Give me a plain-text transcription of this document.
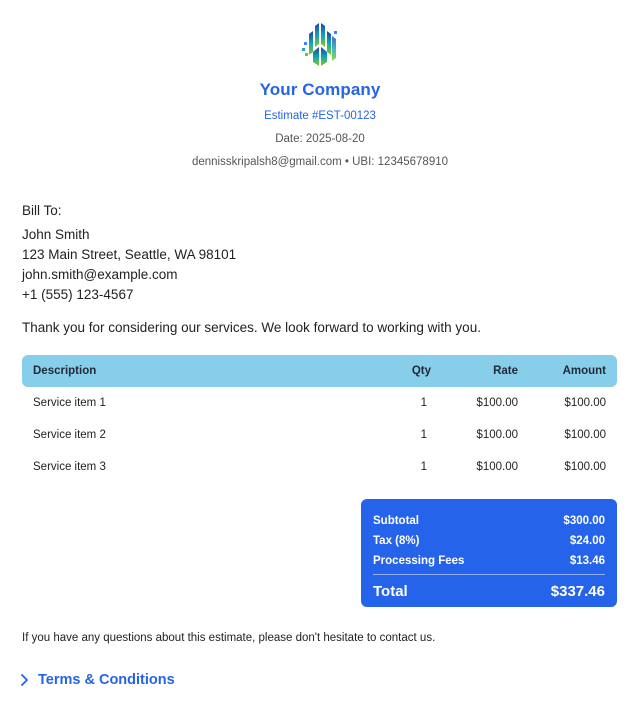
Your Company
Estimate #EST-00123
Date: 2025-08-20
dennisskripalsh8@gmail.com • UBI: 12345678910
Bill To:
John Smith
123 Main Street, Seattle, WA 98101
john.smith@example.com
+1 (555) 123-4567
Thank you for considering our services. We look forward to working with you.
Description	Qty	Rate	Amount
Service item 1	1	$100.00	$100.00
Service item 2	1	$100.00	$100.00
Service item 3	1	$100.00	$100.00
Subtotal	$300.00
Tax (8%)	$24.00
Processing Fees	$13.46
Total	$337.46
If you have any questions about this estimate, please don't hesitate to contact us.
Terms & Conditions
